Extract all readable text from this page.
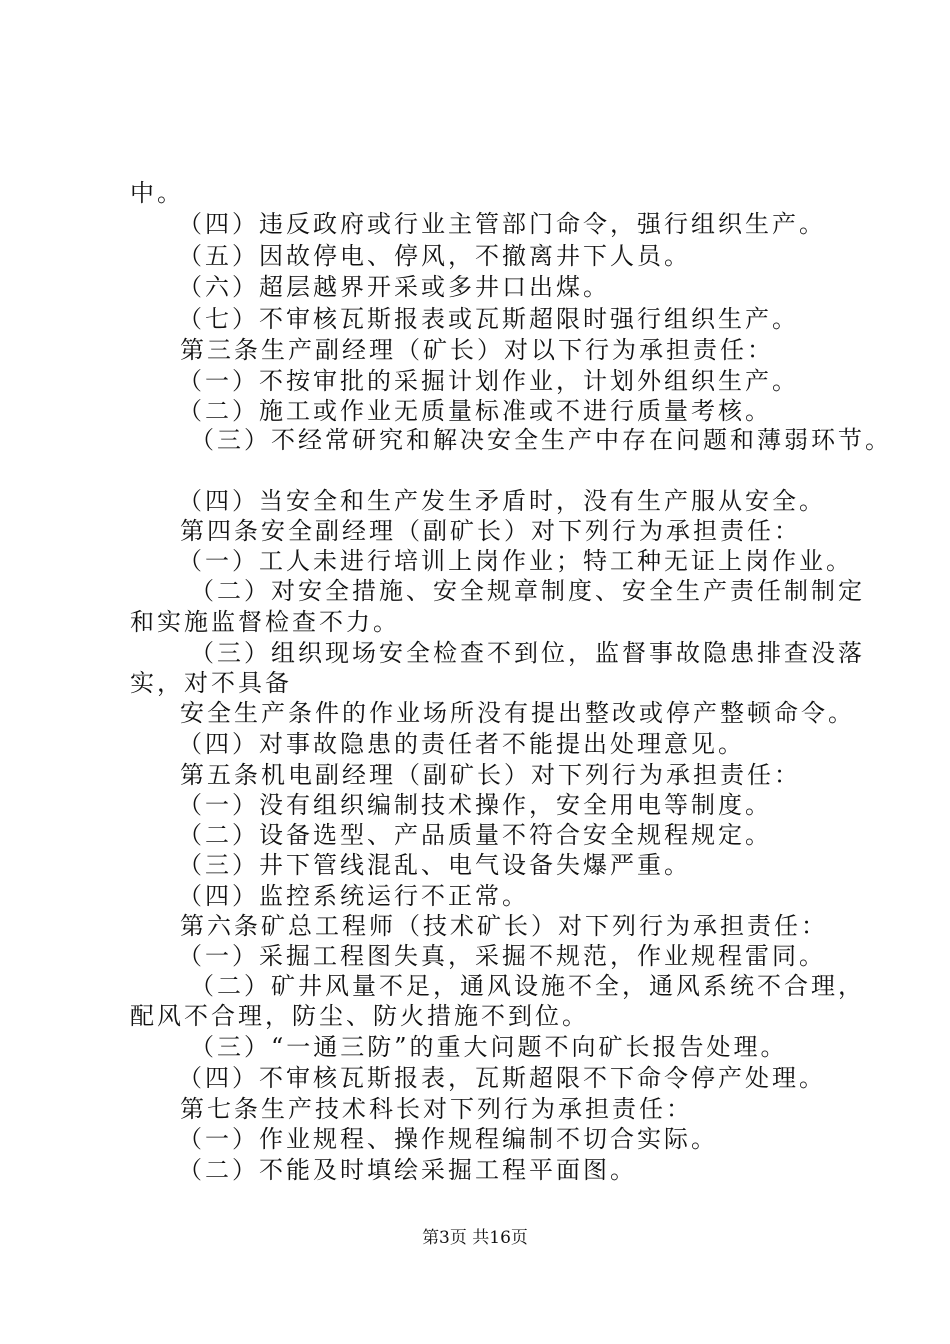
中。
（四）违反政府或行业主管部门命令，强行组织生产。
（五）因故停电、停风，不撤离井下人员。
（六）超层越界开采或多井口出煤。
（七）不审核瓦斯报表或瓦斯超限时强行组织生产。
第三条生产副经理（矿长）对以下行为承担责任：
（一）不按审批的采掘计划作业，计划外组织生产。
（二）施工或作业无质量标准或不进行质量考核。
（三）不经常研究和解决安全生产中存在问题和薄弱环节。
（四）当安全和生产发生矛盾时，没有生产服从安全。
第四条安全副经理（副矿长）对下列行为承担责任：
（一）工人未进行培训上岗作业；特工种无证上岗作业。
（二）对安全措施、安全规章制度、安全生产责任制制定
和实施监督检查不力。
（三）组织现场安全检查不到位，监督事故隐患排查没落
实，对不具备
安全生产条件的作业场所没有提出整改或停产整顿命令。
（四）对事故隐患的责任者不能提出处理意见。
第五条机电副经理（副矿长）对下列行为承担责任：
（一）没有组织编制技术操作，安全用电等制度。
（二）设备选型、产品质量不符合安全规程规定。
（三）井下管线混乱、电气设备失爆严重。
（四）监控系统运行不正常。
第六条矿总工程师（技术矿长）对下列行为承担责任：
（一）采掘工程图失真，采掘不规范，作业规程雷同。
（二）矿井风量不足，通风设施不全，通风系统不合理，
配风不合理，防尘、防火措施不到位。
（三）“一通三防”的重大问题不向矿长报告处理。
（四）不审核瓦斯报表，瓦斯超限不下命令停产处理。
第七条生产技术科长对下列行为承担责任：
（一）作业规程、操作规程编制不切合实际。
（二）不能及时填绘采掘工程平面图。
第3页 共16页
